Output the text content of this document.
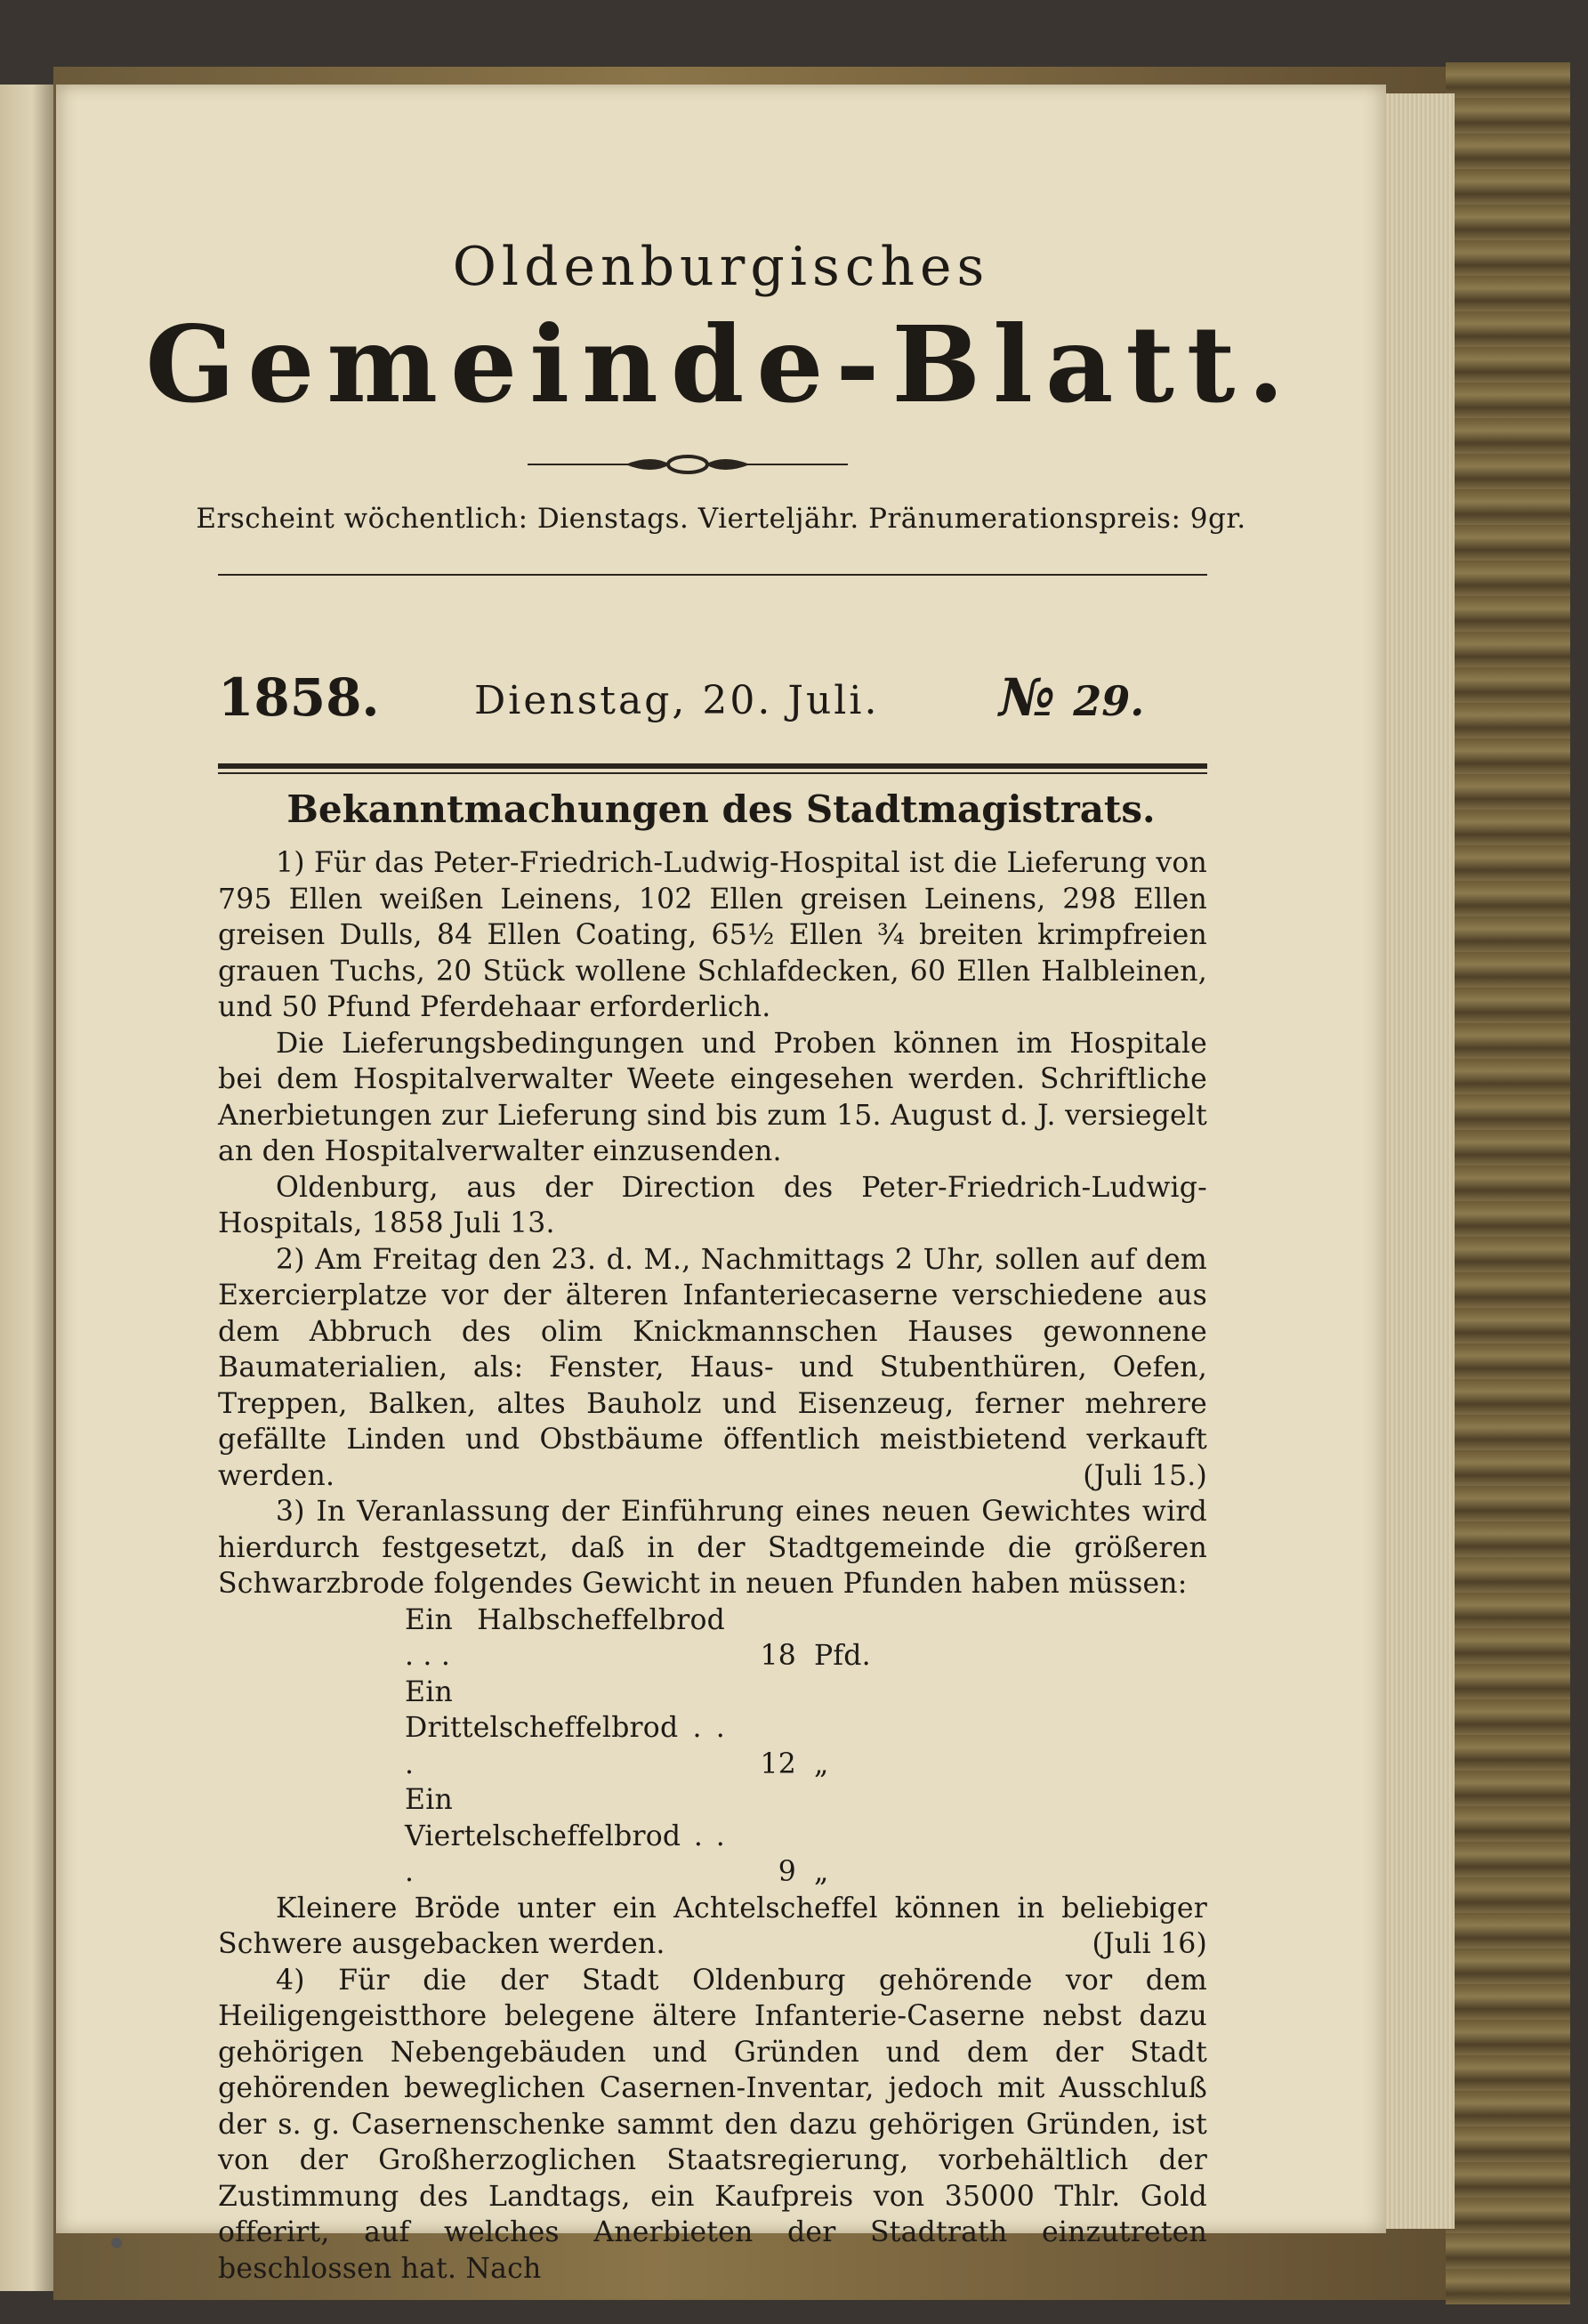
Oldenburgisches
Gemeinde-Blatt.
Erscheint wöchentlich: Dienstags. Vierteljähr. Pränumerationspreis: 9gr.
1858. Dienstag, 20. Juli. № 29.
Bekanntmachungen des Stadtmagistrats.

1) Für das Peter-Friedrich-Ludwig-Hospital ist die Lieferung von 795 Ellen weißen Leinens, 102 Ellen greisen Leinens, 298 Ellen greisen Dulls, 84 Ellen Coating, 65½ Ellen ¾ breiten krimpfreien grauen Tuchs, 20 Stück wollene Schlafdecken, 60 Ellen Halbleinen, und 50 Pfund Pferdehaar erforderlich.

Die Lieferungsbedingungen und Proben können im Hospitale bei dem Hospitalverwalter Weete eingesehen werden. Schriftliche Anerbietungen zur Lieferung sind bis zum 15. August d. J. versiegelt an den Hospitalverwalter einzusenden.

Oldenburg, aus der Direction des Peter-Friedrich-Ludwig-Hospitals, 1858 Juli 13.

2) Am Freitag den 23. d. M., Nachmittags 2 Uhr, sollen auf dem Exercierplatze vor der älteren Infanteriecaserne verschiedene aus dem Abbruch des olim Knickmannschen Hauses gewonnene Baumaterialien, als: Fenster, Haus- und Stubenthüren, Oefen, Treppen, Balken, altes Bauholz und Eisenzeug, ferner mehrere gefällte Linden und Obstbäume öffentlich meistbietend verkauft werden.	(Juli 15.)

3) In Veranlassung der Einführung eines neuen Gewichtes wird hierdurch festgesetzt, daß in der Stadtgemeinde die größeren Schwarzbrode folgendes Gewicht in neuen Pfunden haben müssen:

Ein Halbscheffelbrod . . .	18 Pfd.
Ein Drittelscheffelbrod . . .	12 „
Ein Viertelscheffelbrod . . .	9 „

Kleinere Bröde unter ein Achtelscheffel können in beliebiger Schwere ausgebacken werden.	(Juli 16)

4) Für die der Stadt Oldenburg gehörende vor dem Heiligengeistthore belegene ältere Infanterie-Caserne nebst dazu gehörigen Nebengebäuden und Gründen und dem der Stadt gehörenden beweglichen Casernen-Inventar, jedoch mit Ausschluß der s. g. Casernenschenke sammt den dazu gehörigen Gründen, ist von der Großherzoglichen Staatsregierung, vorbehältlich der Zustimmung des Landtags, ein Kaufpreis von 35000 Thlr. Gold offerirt, auf welches Anerbieten der Stadtrath einzutreten beschlossen hat. Nach
